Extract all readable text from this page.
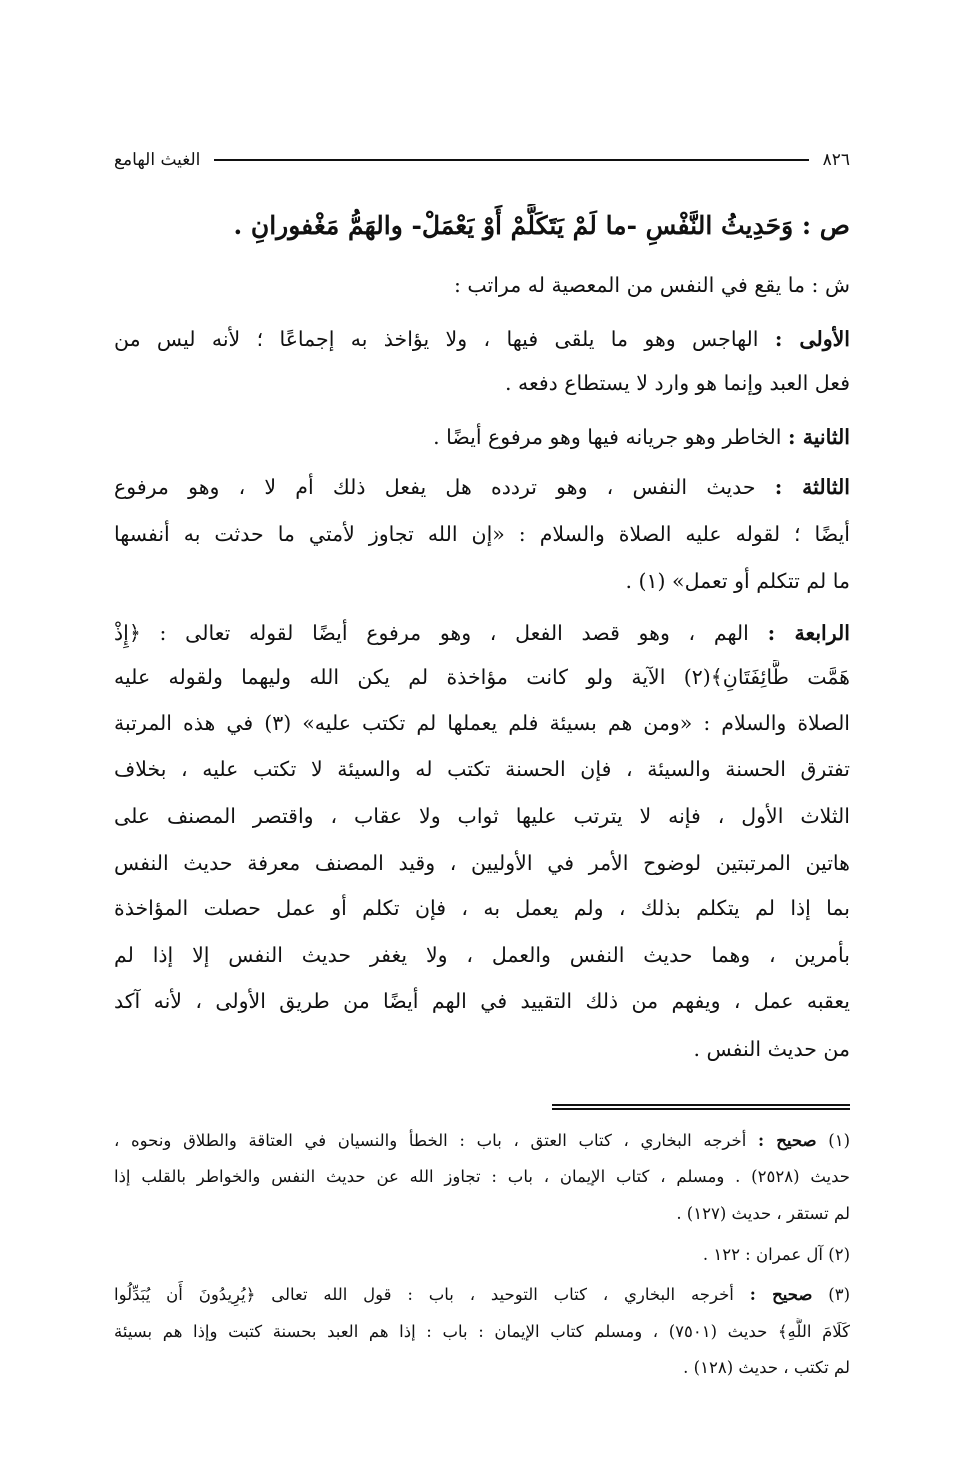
٨٢٦
الغيث الهامع
ص : وَحَدِيثُ النَّفْسِ -ما لَمْ يَتَكَلَّمْ أَوْ يَعْمَلْ- والهَمُّ مَغْفورانِ .
ش : ما يقع في النفس من المعصية له مراتب :
الأولى : الهاجس وهو ما يلقى فيها ، ولا يؤاخذ به إجماعًا ؛ لأنه ليس من
فعل العبد وإنما هو وارد لا يستطاع دفعه .
الثانية : الخاطر وهو جريانه فيها وهو مرفوع أيضًا .
الثالثة : حديث النفس ، وهو تردده هل يفعل ذلك أم لا ، وهو مرفوع
أيضًا ؛ لقوله عليه الصلاة والسلام : «إن الله تجاوز لأمتي ما حدثت به أنفسها
ما لم تتكلم أو تعمل» (١) .
الرابعة : الهم ، وهو قصد الفعل ، وهو مرفوع أيضًا لقوله تعالى : ﴿إِذْ
هَمَّت طَّائِفَتَانِ﴾(٢) الآية ولو كانت مؤاخذة لم يكن الله وليهما ولقوله عليه
الصلاة والسلام : «ومن هم بسيئة فلم يعملها لم تكتب عليه» (٣) في هذه المرتبة
تفترق الحسنة والسيئة ، فإن الحسنة تكتب له والسيئة لا تكتب عليه ، بخلاف
الثلاث الأول ، فإنه لا يترتب عليها ثواب ولا عقاب ، واقتصر المصنف على
هاتين المرتبتين لوضوح الأمر في الأوليين ، وقيد المصنف معرفة حديث النفس
بما إذا لم يتكلم بذلك ، ولم يعمل به ، فإن تكلم أو عمل حصلت المؤاخذة
بأمرين ، وهما حديث النفس والعمل ، ولا يغفر حديث النفس إلا إذا لم
يعقبه عمل ، ويفهم من ذلك التقييد في الهم أيضًا من طريق الأولى ، لأنه آكد
من حديث النفس .
(١) صحيح : أخرجه البخاري ، كتاب العتق ، باب : الخطأ والنسيان في العتاقة والطلاق ونحوه ،
حديث (٢٥٢٨) . ومسلم ، كتاب الإيمان ، باب : تجاوز الله عن حديث النفس والخواطر بالقلب إذا
لم تستقر ، حديث (١٢٧) .
(٢) آل عمران : ١٢٢ .
(٣) صحيح : أخرجه البخاري ، كتاب التوحيد ، باب : قول الله تعالى ﴿يُرِيدُونَ أَن يُبَدِّلُوا
كَلَامَ اللَّهِ﴾ حديث (٧٥٠١) ، ومسلم كتاب الإيمان : باب : إذا هم العبد بحسنة كتبت وإذا هم بسيئة
لم تكتب ، حديث (١٢٨) .
